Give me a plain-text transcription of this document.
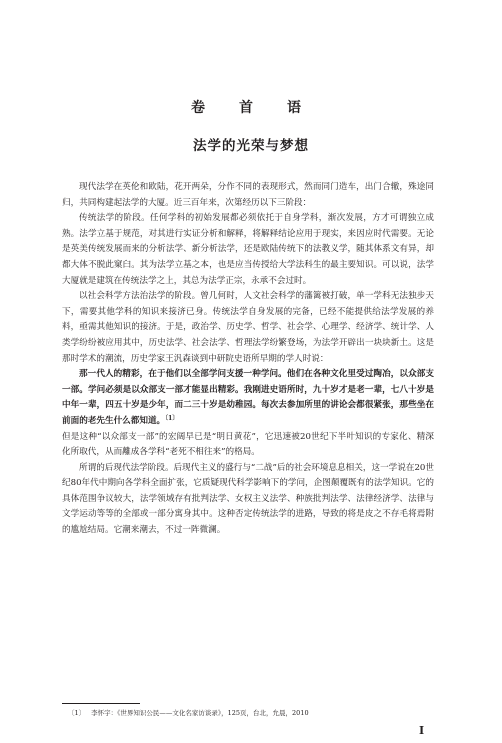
卷　首　语
法学的光荣与梦想

现代法学在英伦和欧陆，花开两朵，分作不同的表现形式，然而同门造车，出门合辙，殊途同归，共同构建起法学的大厦。近三百年来，次第经历以下三阶段：

传统法学的阶段。任何学科的初始发展都必须依托于自身学科，渐次发展，方才可谓独立成熟。法学立基于规范，对其进行实证分析和解释，将解释结论应用于现实，来因应时代需要。无论是英美传统发展而来的分析法学、新分析法学，还是欧陆传统下的法教义学，随其体系文有异，却都大体不脱此窠臼。其为法学立基之本，也是应当传授给大学法科生的最主要知识。可以说，法学大厦就是建筑在传统法学之上，其总为法学正宗，永承不会过时。

以社会科学方法治法学的阶段。曾几何时，人文社会科学的藩篱被打破，单一学科无法独步天下，需要其他学科的知识来接济已身。传统法学自身发展的完备，已经不能提供给法学发展的养料，亟需其他知识的接济。于是，政治学、历史学、哲学、社会学、心理学、经济学、统计学、人类学纷纷被应用其中，历史法学、社会法学、哲理法学纷繁登场，为法学开辟出一块块新土。这是那时学术的潮流，历史学家王汎森谈到中研院史语所早期的学人时说：

那一代人的精彩，在于他们以全部学问支援一种学问。他们在各种文化里受过陶冶，以众部支一部。学问必须是以众部支一部才能显出精彩。我刚进史语所时，九十岁才是老一辈，七八十岁是中年一辈，四五十岁是少年，而二三十岁是幼稚园。每次去参加所里的讲论会都很紧张，那些坐在前面的老先生什么都知道。$^{〔1〕}$

但是这种“以众部支一部”的宏阔早已是“明日黄花”，它迅速被20世纪下半叶知识的专家化、精深化所取代，从而離成各学科“老死不相往来”的格局。

所谓的后现代法学阶段。后现代主义的盛行与“二战”后的社会环境息息相关，这一学说在20世纪80年代中期向各学科全面扩张，它质疑现代科学影响下的学问，企图颠覆既有的法学知识。它的具体范围争议较大，法学领域存有批判法学、女权主义法学、种族批判法学、法律经济学、法律与文学运动等等的全部或一部分寓身其中。这种否定传统法学的进路，导致的将是皮之不存毛将焉附的尴尬结局。它潮来潮去，不过一阵微澜。

〔1〕 李怀宇：《世界知识公民——文化名家访谈录》，125页，台北，允晨，2010
I
